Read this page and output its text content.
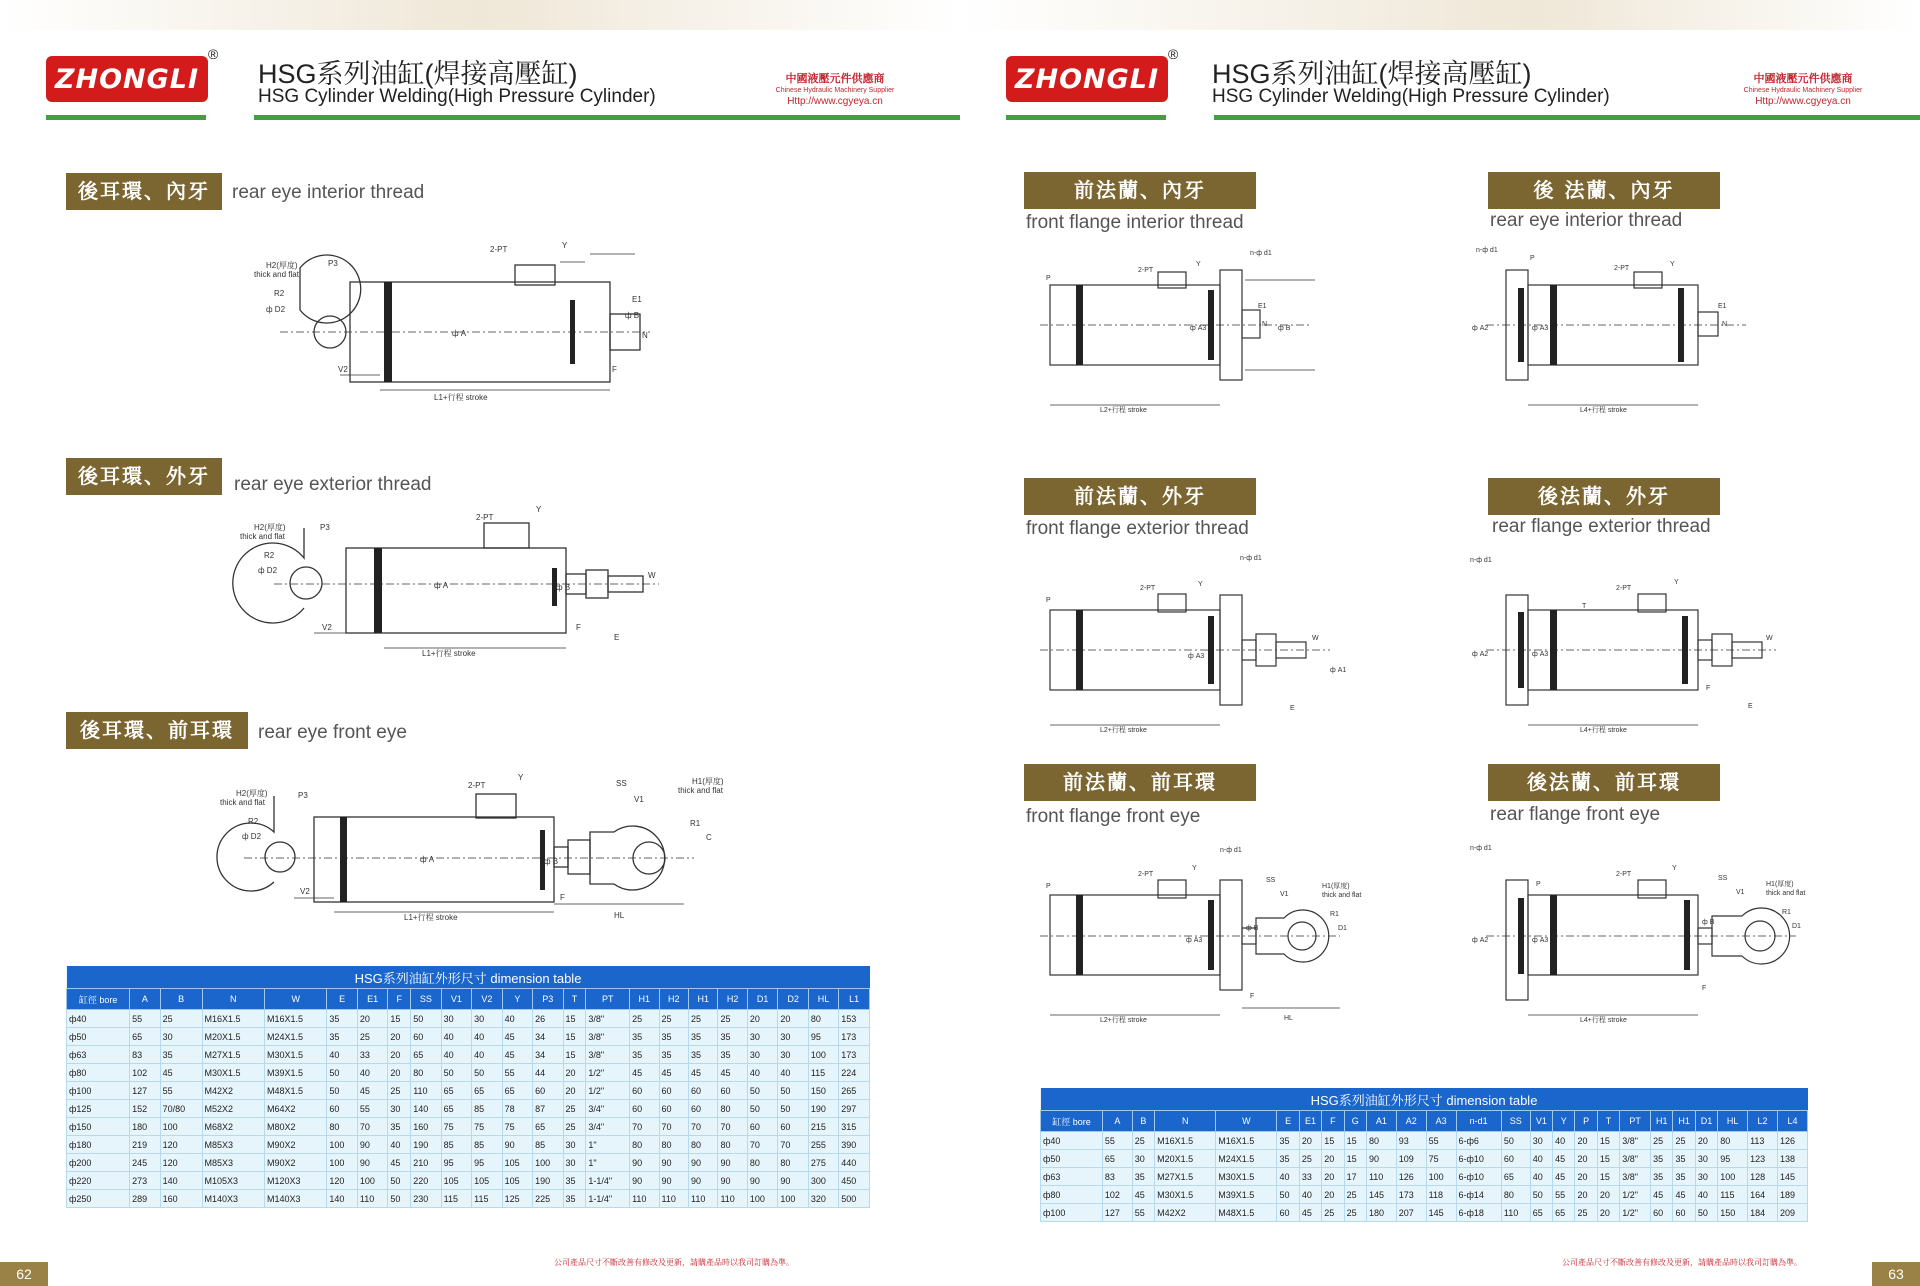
ZHONGLI
®
HSG系列油缸(焊接高壓缸)
HSG Cylinder Welding(High Pressure Cylinder)
中國液壓元件供應商
Chinese Hydraulic Machinery Supplier
Http://www.cgyeya.cn
後耳環、內牙	rear eye interior thread
H2(厚度)
thick and flat
P3
R2
ф D2
2-PT	Y
E1
N
ф B
ф A
V2	F
L1+行程 stroke
後耳環、外牙	rear eye exterior thread
H2(厚度)
thick and flat
P3
R2
ф D2
2-PT
Y
ф A	ф B
W
V2
E
F
L1+行程 stroke
後耳環、前耳環	rear eye front eye
H2(厚度)
thick and flat
P3
R2
ф D2
2-PT
Y
SS
V1
H1(厚度)
thick and flat
R1
C
ф A	ф B
V2
F
HL
L1+行程 stroke
HSG系列油缸外形尺寸 dimension table																						
缸徑 bore	A	B	N	W	E	E1	F	SS	V1	V2	Y	P3	T	PT	H1	H2	H1	H2	D1	D2	HL	L1
ф40	55	25	M16X1.5	M16X1.5	35	20	15	50	30	30	40	26	15	3/8"	25	25	25	25	20	20	80	153
ф50	65	30	M20X1.5	M24X1.5	35	25	20	60	40	40	45	34	15	3/8"	35	35	35	35	30	30	95	173
ф63	83	35	M27X1.5	M30X1.5	40	33	20	65	40	40	45	34	15	3/8"	35	35	35	35	30	30	100	173
ф80	102	45	M30X1.5	M39X1.5	50	40	20	80	50	50	55	44	20	1/2"	45	45	45	45	40	40	115	224
ф100	127	55	M42X2	M48X1.5	50	45	25	110	65	65	65	60	20	1/2"	60	60	60	60	50	50	150	265
ф125	152	70/80	M52X2	M64X2	60	55	30	140	65	85	78	87	25	3/4"	60	60	60	80	50	50	190	297
ф150	180	100	M68X2	M80X2	80	70	35	160	75	75	75	65	25	3/4"	70	70	70	70	60	60	215	315
ф180	219	120	M85X3	M90X2	100	90	40	190	85	85	90	85	30	1"	80	80	80	80	70	70	255	390
ф200	245	120	M85X3	M90X2	100	90	45	210	95	95	105	100	30	1"	90	90	90	90	80	80	275	440
ф220	273	140	M105X3	M120X3	120	100	50	220	105	105	105	190	35	1-1/4"	90	90	90	90	90	90	300	450
ф250	289	160	M140X3	M140X3	140	110	50	230	115	115	125	225	35	1-1/4"	110	110	110	110	100	100	320	500
公司產品尺寸不斷改善有修改及更新，請購產品時以我司訂購為準。
62
ZHONGLI
®
HSG系列油缸(焊接高壓缸)
HSG Cylinder Welding(High Pressure Cylinder)
中國液壓元件供應商
Chinese Hydraulic Machinery Supplier
Http://www.cgyeya.cn
前法蘭、內牙
front flange interior thread
後 法蘭、內牙
rear eye interior thread
n-ф d1
2-PT
Y
P
ф A3
N
E1
ф B
L2+行程 stroke
n-ф d1
2-PT
Y
P
ф A2	ф A3
N
E1
L4+行程 stroke
前法蘭、外牙
front flange exterior thread
後法蘭、外牙
rear flange exterior thread
n-ф d1
2-PT
Y
P
ф A3
W
E
ф A1
L2+行程 stroke
n-ф d1
2-PT
Y
T
ф A2	ф A3
W
E
F
L4+行程 stroke
前法蘭、前耳環
front flange front eye
後法蘭、前耳環
rear flange front eye
n-ф d1
2-PT
Y
P
ф A3
SS
V1
H1(厚度)
thick and flat
R1
D1
ф B
F
HL
L2+行程 stroke
n-ф d1
2-PT
Y
P
ф A2	ф A3
SS
V1
H1(厚度)
thick and flat
R1
D1
ф B
F
L4+行程 stroke
HSG系列油缸外形尺寸 dimension table																								
缸徑 bore	A	B	N	W	E	E1	F	G	A1	A2	A3	n-d1	SS	V1	Y	P	T	PT	H1	H1	D1	HL	L2	L4
ф40	55	25	M16X1.5	M16X1.5	35	20	15	15	80	93	55	6-ф6	50	30	40	20	15	3/8"	25	25	20	80	113	126
ф50	65	30	M20X1.5	M24X1.5	35	25	20	15	90	109	75	6-ф10	60	40	45	20	15	3/8"	35	35	30	95	123	138
ф63	83	35	M27X1.5	M30X1.5	40	33	20	17	110	126	100	6-ф10	65	40	45	20	15	3/8"	35	35	30	100	128	145
ф80	102	45	M30X1.5	M39X1.5	50	40	20	25	145	173	118	6-ф14	80	50	55	20	20	1/2"	45	45	40	115	164	189
ф100	127	55	M42X2	M48X1.5	60	45	25	25	180	207	145	6-ф18	110	65	65	25	20	1/2"	60	60	50	150	184	209
公司產品尺寸不斷改善有修改及更新，請購產品時以我司訂購為準。
63
